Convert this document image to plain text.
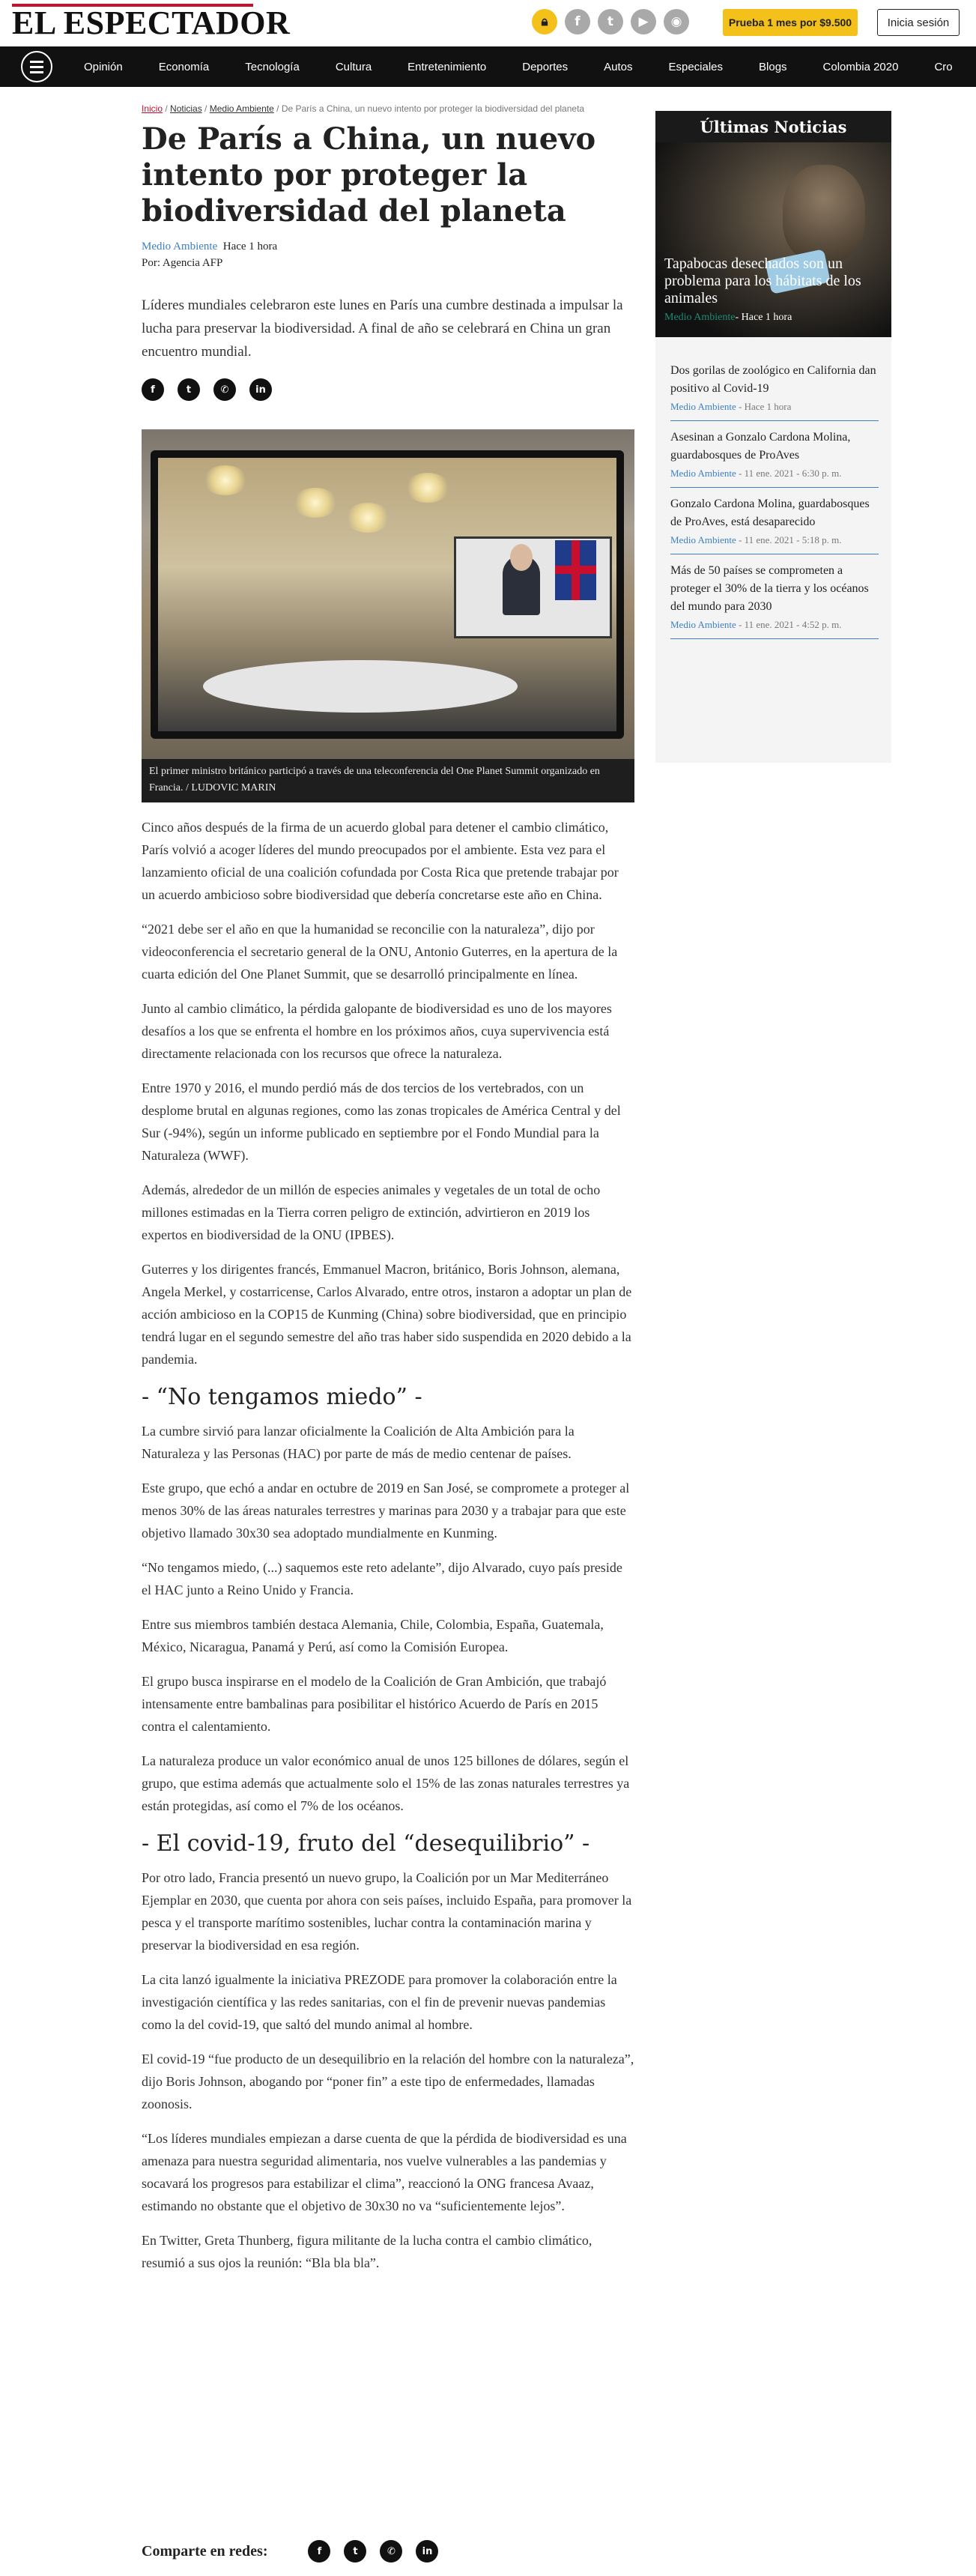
EL ESPECTADOR	🔒︎	f	t	▶	◉	Prueba 1 mes por $9.500	Inicia sesión
Opinión	Economía	Tecnología	Cultura	Entretenimiento	Deportes	Autos	Especiales	Blogs	Colombia 2020	Cro
Inicio / Noticias / Medio Ambiente / De París a China, un nuevo intento por proteger la biodiversidad del planeta
De París a China, un nuevo intento por proteger la biodiversidad del planeta
Medio Ambiente Hace 1 hora
Por: Agencia AFP
Líderes mundiales celebraron este lunes en París una cumbre destinada a impulsar la lucha para preservar la biodiversidad. A final de año se celebrará en China un gran encuentro mundial.
f	t	✆	in
El primer ministro británico participó a través de una teleconferencia del One Planet Summit organizado en Francia. / LUDOVIC MARIN

Cinco años después de la firma de un acuerdo global para detener el cambio climático, París volvió a acoger líderes del mundo preocupados por el ambiente. Esta vez para el lanzamiento oficial de una coalición cofundada por Costa Rica que pretende trabajar por un acuerdo ambicioso sobre biodiversidad que debería concretarse este año en China.

“2021 debe ser el año en que la humanidad se reconcilie con la naturaleza”, dijo por videoconferencia el secretario general de la ONU, Antonio Guterres, en la apertura de la cuarta edición del One Planet Summit, que se desarrolló principalmente en línea.

Junto al cambio climático, la pérdida galopante de biodiversidad es uno de los mayores desafíos a los que se enfrenta el hombre en los próximos años, cuya supervivencia está directamente relacionada con los recursos que ofrece la naturaleza.

Entre 1970 y 2016, el mundo perdió más de dos tercios de los vertebrados, con un desplome brutal en algunas regiones, como las zonas tropicales de América Central y del Sur (-94%), según un informe publicado en septiembre por el Fondo Mundial para la Naturaleza (WWF).

Además, alrededor de un millón de especies animales y vegetales de un total de ocho millones estimadas en la Tierra corren peligro de extinción, advirtieron en 2019 los expertos en biodiversidad de la ONU (IPBES).

Guterres y los dirigentes francés, Emmanuel Macron, británico, Boris Johnson, alemana, Angela Merkel, y costarricense, Carlos Alvarado, entre otros, instaron a adoptar un plan de acción ambicioso en la COP15 de Kunming (China) sobre biodiversidad, que en principio tendrá lugar en el segundo semestre del año tras haber sido suspendida en 2020 debido a la pandemia.

- “No tengamos miedo” -

La cumbre sirvió para lanzar oficialmente la Coalición de Alta Ambición para la Naturaleza y las Personas (HAC) por parte de más de medio centenar de países.

Este grupo, que echó a andar en octubre de 2019 en San José, se compromete a proteger al menos 30% de las áreas naturales terrestres y marinas para 2030 y a trabajar para que este objetivo llamado 30x30 sea adoptado mundialmente en Kunming.

“No tengamos miedo, (...) saquemos este reto adelante”, dijo Alvarado, cuyo país preside el HAC junto a Reino Unido y Francia.

Entre sus miembros también destaca Alemania, Chile, Colombia, España, Guatemala, México, Nicaragua, Panamá y Perú, así como la Comisión Europea.

El grupo busca inspirarse en el modelo de la Coalición de Gran Ambición, que trabajó intensamente entre bambalinas para posibilitar el histórico Acuerdo de París en 2015 contra el calentamiento.

La naturaleza produce un valor económico anual de unos 125 billones de dólares, según el grupo, que estima además que actualmente solo el 15% de las zonas naturales terrestres ya están protegidas, así como el 7% de los océanos.

- El covid-19, fruto del “desequilibrio” -

Por otro lado, Francia presentó un nuevo grupo, la Coalición por un Mar Mediterráneo Ejemplar en 2030, que cuenta por ahora con seis países, incluido España, para promover la pesca y el transporte marítimo sostenibles, luchar contra la contaminación marina y preservar la biodiversidad en esa región.

La cita lanzó igualmente la iniciativa PREZODE para promover la colaboración entre la investigación científica y las redes sanitarias, con el fin de prevenir nuevas pandemias como la del covid-19, que saltó del mundo animal al hombre.

El covid-19 “fue producto de un desequilibrio en la relación del hombre con la naturaleza”, dijo Boris Johnson, abogando por “poner fin” a este tipo de enfermedades, llamadas zoonosis.

“Los líderes mundiales empiezan a darse cuenta de que la pérdida de biodiversidad es una amenaza para nuestra seguridad alimentaria, nos vuelve vulnerables a las pandemias y socavará los progresos para estabilizar el clima”, reaccionó la ONG francesa Avaaz, estimando no obstante que el objetivo de 30x30 no va “suficientemente lejos”.

En Twitter, Greta Thunberg, figura militante de la lucha contra el cambio climático, resumió a sus ojos la reunión: “Bla bla bla”.

Comparte en redes:	f	t	✆	in
Últimas Noticias
Tapabocas desechados son un problema para los hábitats de los animales
Medio Ambiente- Hace 1 hora
Dos gorilas de zoológico en California dan positivo al Covid-19
Medio Ambiente - Hace 1 hora
Asesinan a Gonzalo Cardona Molina, guardabosques de ProAves
Medio Ambiente - 11 ene. 2021 - 6:30 p. m.
Gonzalo Cardona Molina, guardabosques de ProAves, está desaparecido
Medio Ambiente - 11 ene. 2021 - 5:18 p. m.
Más de 50 países se comprometen a proteger el 30% de la tierra y los océanos del mundo para 2030
Medio Ambiente - 11 ene. 2021 - 4:52 p. m.
